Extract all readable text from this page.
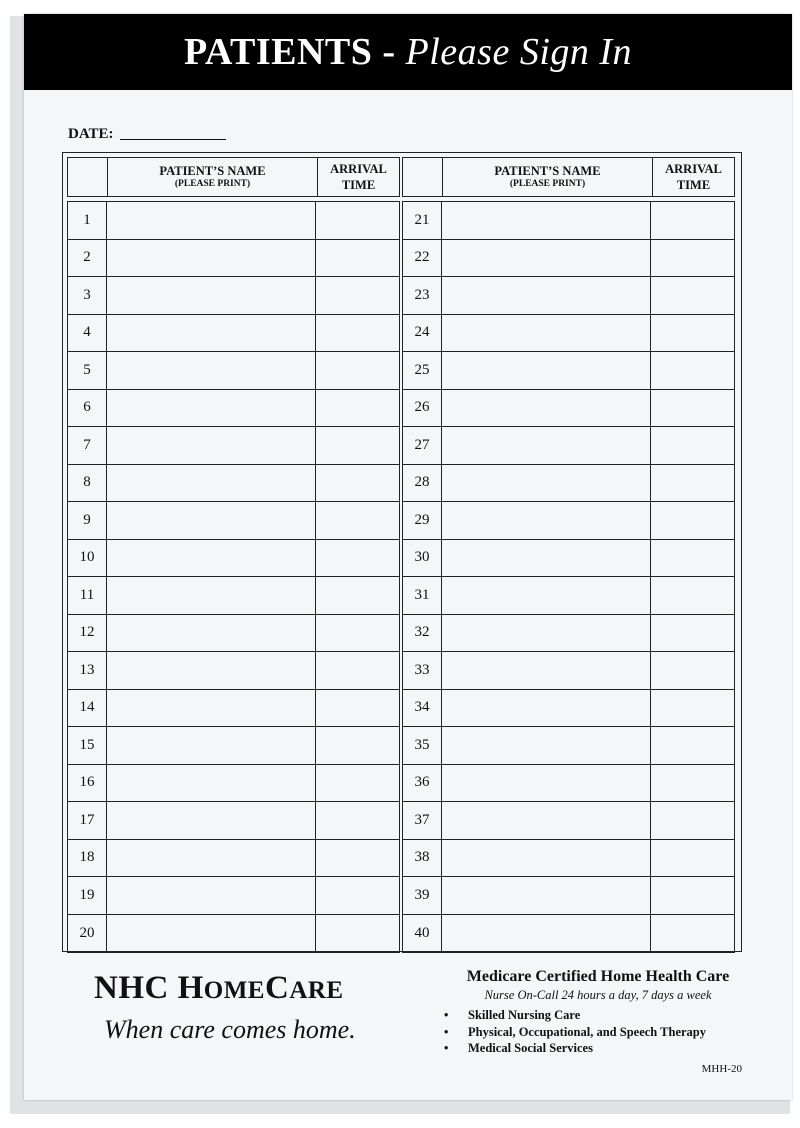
PATIENTS - Please Sign In
DATE:
PATIENT’S NAME
(PLEASE PRINT)
ARRIVAL
TIME
1
2
3
4
5
6
7
8
9
10
11
12
13
14
15
16
17
18
19
20
PATIENT’S NAME
(PLEASE PRINT)
ARRIVAL
TIME
21
22
23
24
25
26
27
28
29
30
31
32
33
34
35
36
37
38
39
40
NHC HOMECARE
When care comes home.
Medicare Certified Home Health Care
Nurse On-Call 24 hours a day, 7 days a week
• Skilled Nursing Care
• Physical, Occupational, and Speech Therapy
• Medical Social Services
MHH-20
